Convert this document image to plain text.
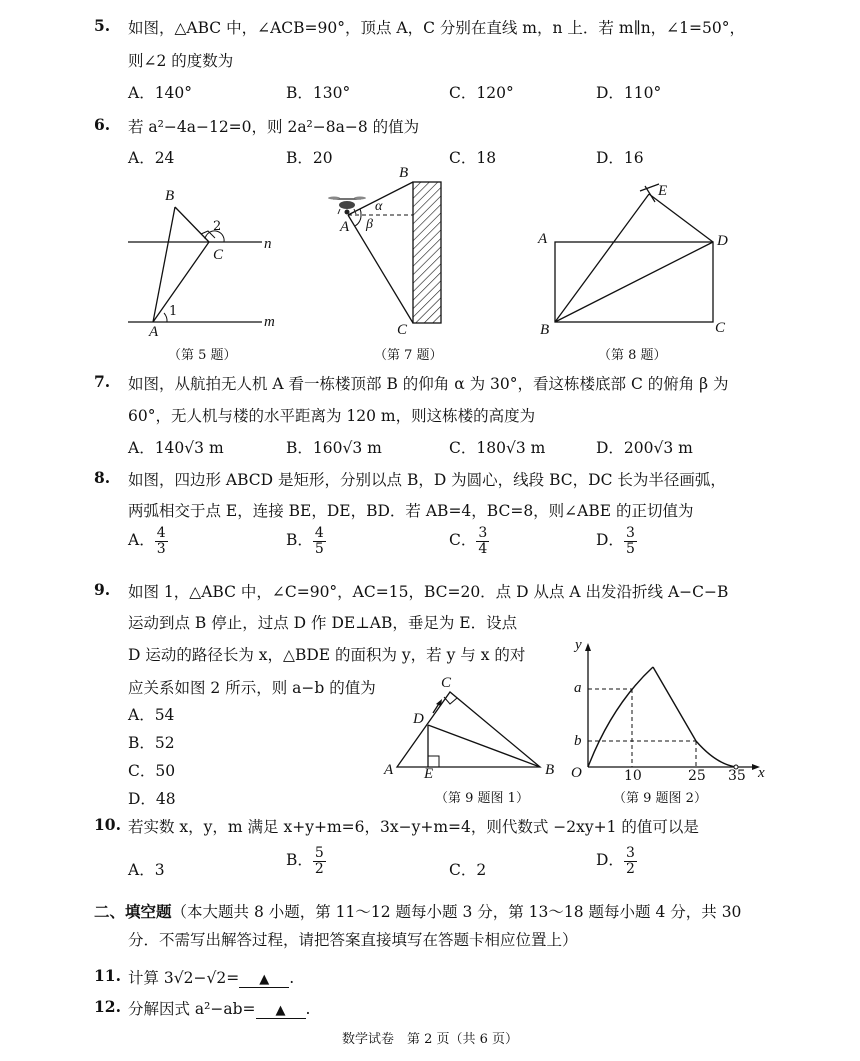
5. 如图，△ABC 中，∠ACB=90°，顶点 A，C 分别在直线 m，n 上．若 m∥n，∠1=50°，
则∠2 的度数为
A．140°	B．130°	C．120°	D．110°
6. 若 a²−4a−12=0，则 2a²−8a−8 的值为
A．24	B．20	C．18	D．16
B
C
A
n
m
1
2
（第 5 题）
B
A
C
α
β
（第 7 题）
A
B	C
D
E
（第 8 题）
7. 如图，从航拍无人机 A 看一栋楼顶部 B 的仰角 α 为 30°，看这栋楼底部 C 的俯角 β 为
60°，无人机与楼的水平距离为 120 m，则这栋楼的高度为
A．140√3 m	B．160√3 m	C．180√3 m	D．200√3 m
8. 如图，四边形 ABCD 是矩形，分别以点 B，D 为圆心，线段 BC，DC 长为半径画弧，
两弧相交于点 E，连接 BE，DE，BD．若 AB=4，BC=8，则∠ABE 的正切值为
A． $\frac{4}{3}$	B． $\frac{4}{5}$	C． $\frac{3}{4}$	D． $\frac{3}{5}$
9. 如图 1，△ABC 中，∠C=90°，AC=15，BC=20．点 D 从点 A 出发沿折线 A−C−B
运动到点 B 停止，过点 D 作 DE⊥AB，垂足为 E．设点
D 运动的路径长为 x，△BDE 的面积为 y，若 y 与 x 的对
应关系如图 2 所示，则 a−b 的值为
A．54
B．52
C．50
D．48
C
D
A E	B
（第 9 题图 1）
y
x
O
a
b
10	25 35
（第 9 题图 2）
10. 若实数 x，y，m 满足 x+y+m=6，3x−y+m=4，则代数式 −2xy+1 的值可以是
A．3
B． $\frac{5}{2}$	C．2
D． $\frac{3}{2}$
二、填空题（本大题共 8 小题，第 11～12 题每小题 3 分，第 13～18 题每小题 4 分，共 30
分．不需写出解答过程，请把答案直接填写在答题卡相应位置上）
11. 计算 3√2−√2= ▲ .
12. 分解因式 a²−ab= ▲ .
数学试卷　第 2 页（共 6 页）
